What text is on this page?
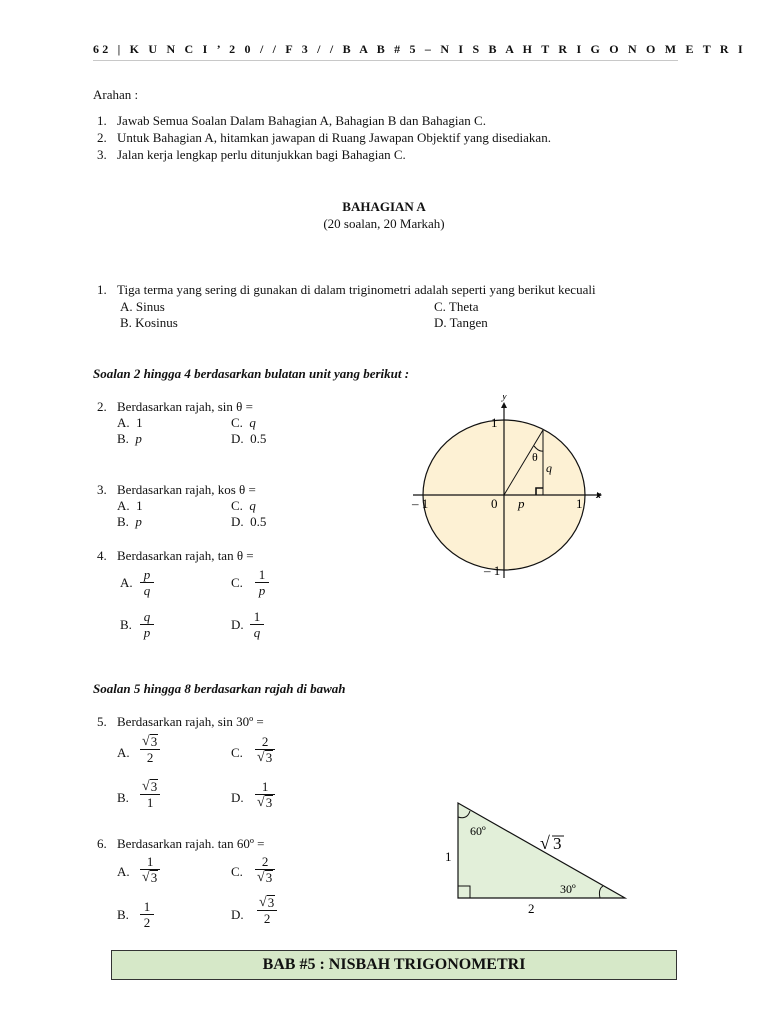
62 | K U N C I ’ 2 0 / / F 3 / / B A B # 5 – N I S B A H T R I G O N O M E T R I
Arahan :
1. Jawab Semua Soalan Dalam Bahagian A, Bahagian B dan Bahagian C.
2. Untuk Bahagian A, hitamkan jawapan di Ruang Jawapan Objektif yang disediakan.
3. Jalan kerja lengkap perlu ditunjukkan bagi Bahagian C.
BAHAGIAN A
(20 soalan, 20 Markah)
1. Tiga terma yang sering di gunakan di dalam triginometri adalah seperti yang berikut kecuali
A. Sinus
B. Kosinus
C. Theta
D. Tangen
Soalan 2 hingga 4 berdasarkan bulatan unit yang berikut :
2. Berdasarkan rajah, sin θ =
A. 1	C. q
B. p	D. 0.5
3. Berdasarkan rajah, kos θ =
A. 1	C. q
B. p	D. 0.5
4. Berdasarkan rajah, tan θ =
A.
p
q
C.
1
p
B.
q
p
D.
1
q
y
x
1
– 1	0 p	1
– 1
θ
q
Soalan 5 hingga 8 berdasarkan rajah di bawah
5. Berdasarkan rajah, sin 30º =
A.
√ 3
2	C.
2
√ 3
B.
√ 3
1	D.
1
√ 3
6. Berdasarkan rajah. tan 60º =
A.
1
√ 3	C.
2
√ 3
B.
1
2
D.
√ 3
2
60º
√ 3
1
30º
2
BAB #5 : NISBAH TRIGONOMETRI
